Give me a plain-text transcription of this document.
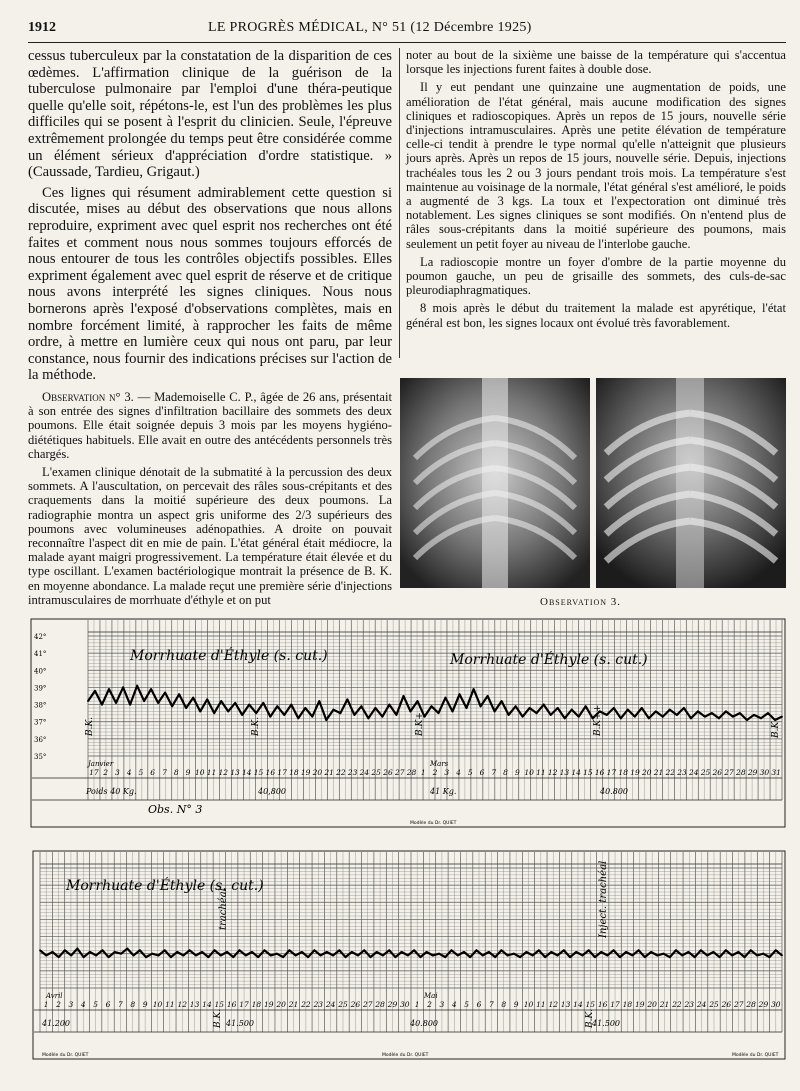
1912	LE PROGRÈS MÉDICAL, N° 51 (12 Décembre 1925)

cessus tuberculeux par la constatation de la disparition de ces œdèmes. L'affirmation clinique de la guérison de la tuberculose pulmonaire par l'emploi d'une théra-peutique quelle qu'elle soit, répétons-le, est l'un des problèmes les plus difficiles qui se posent à l'esprit du clinicien. Seule, l'épreuve extrêmement prolongée du temps peut être considérée comme un élément sérieux d'appréciation d'ordre statistique. » (Caussade, Tardieu, Grigaut.)

Ces lignes qui résument admirablement cette question si discutée, mises au début des observations que nous allons reproduire, expriment avec quel esprit nos recherches ont été faites et comment nous nous sommes toujours efforcés de nous entourer de tous les contrôles objectifs possibles. Elles expriment également avec quel esprit de réserve et de critique nous avons interprété les signes cliniques. Nous nous bornerons après l'exposé d'observations complètes, mais en nombre forcément limité, à rapprocher les faits de même ordre, à mettre en lumière ceux qui nous ont paru, par leur constance, nous fournir des indications précises sur l'action de la méthode.

Observation n° 3. — Mademoiselle C. P., âgée de 26 ans, présentait à son entrée des signes d'infiltration bacillaire des sommets des deux poumons. Elle était soignée depuis 3 mois par les moyens hygiéno-diététiques habituels. Elle avait en outre des antécédents personnels très chargés.

L'examen clinique dénotait de la submatité à la percussion des deux sommets. A l'auscultation, on percevait des râles sous-crépitants et des craquements dans la moitié supérieure des deux poumons. La radiographie montra un aspect gris uniforme des 2/3 supérieurs des poumons avec volumineuses adénopathies. A droite on pouvait reconnaître l'aspect dit en mie de pain. L'état général était médiocre, la malade ayant maigri progressivement. La température était élevée et du type oscillant. L'examen bactériologique montrait la présence de B. K. en moyenne abondance. La malade reçut une première série d'injections intramusculaires de morrhuate d'éthyle et on put

noter au bout de la sixième une baisse de la température qui s'accentua lorsque les injections furent faites à double dose.

Il y eut pendant une quinzaine une augmentation de poids, une amélioration de l'état général, mais aucune modification des signes cliniques et radioscopiques. Après un repos de 15 jours, nouvelle série d'injections intramusculaires. Après une petite élévation de température celle-ci tendit à prendre le type normal qu'elle n'atteignit que plusieurs jours après. Après un repos de 15 jours, nouvelle série. Depuis, injections trachéales tous les 2 ou 3 jours pendant trois mois. La température s'est maintenue au voisinage de la normale, l'état général s'est amélioré, le poids a augmenté de 3 kgs. La toux et l'expectoration ont diminué très notablement. Les signes cliniques se sont modifiés. On n'entend plus de râles sous-crépitants dans la moitié supérieure des poumons, mais seulement un petit foyer au niveau de l'interlobe gauche.

La radioscopie montre un foyer d'ombre de la partie moyenne du poumon gauche, un peu de grisaille des sommets, des culs-de-sac pleurodiaphragmatiques.

8 mois après le début du traitement la malade est apyrétique, l'état général est bon, les signes locaux ont évolué très favorablement.

Observation 3.
42°
41°
40°
39°
38°
37°
36°
35°
Morrhuate d'Éthyle (s. cut.)	Morrhuate d'Éthyle (s. cut.)
B.K.	B.K.	B.K+	B.K++	B.K
Janvier	Mars
17 2 3 4 5 6 7 8 9 10 11 12 13 14 15 16 17 18 19 20 21 22 23 24 25 26 27 28 1 2 3 4 5 6 7 8 9 10 11 12 13 14 15 16 17 18 19 20 21 22 23 24 25 26 27 28 29 30 31
Poids 40 Kg.	40,800	41 Kg.	40.800
Obs. N° 3
Modèle du Dr. QUIET
Morrhuate d'Éthyle (s. cut.)
trachéal	Inject. trachéal
B.K.	B.K.
Avril	Mai
1 2 3 4 5 6 7 8 9 10 11 12 13 14 15 16 17 18 19 20 21 22 23 24 25 26 27 28 29 30 1 2 3 4 5 6 7 8 9 10 11 12 13 14 15 16 17 18 19 20 21 22 23 24 25 26 27 28 29 30
41.200	41.500	40.800	41.500
Modèle du Dr. QUIET	Modèle du Dr. QUIET	Modèle du Dr. QUIET
